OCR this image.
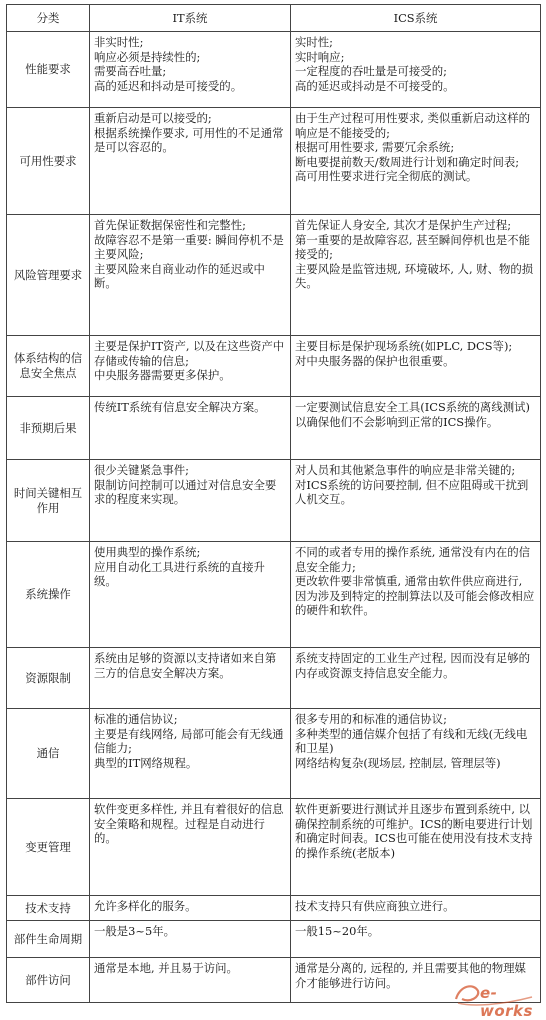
分类	IT系统	ICS系统
性能要求	非实时性;
响应必须是持续性的;
需要高吞吐量;
高的延迟和抖动是可接受的。	实时性;
实时响应;
一定程度的吞吐量是可接受的;
高的延迟或抖动是不可接受的。

可用性要求	重新启动是可以接受的;
根据系统操作要求, 可用性的不足通常是可以容忍的。	由于生产过程可用性要求, 类似重新启动这样的响应是不能接受的;
根据可用性要求, 需要冗余系统;
断电要提前数天/数周进行计划和确定时间表;
高可用性要求进行完全彻底的测试。

风险管理要求	首先保证数据保密性和完整性;
故障容忍不是第一重要: 瞬间停机不是主要风险;
主要风险来自商业动作的延迟或中断。	首先保证人身安全, 其次才是保护生产过程;
第一重要的是故障容忍, 甚至瞬间停机也是不能接受的;
主要风险是监管违规, 环境破坏, 人, 财、物的损失。

体系结构的信息安全焦点	主要是保护IT资产, 以及在这些资产中存储或传输的信息;
中央服务器需要更多保护。	主要目标是保护现场系统(如PLC, DCS等);
对中央服务器的保护也很重要。

非预期后果	传统IT系统有信息安全解决方案。	一定要测试信息安全工具(ICS系统的离线测试)以确保他们不会影响到正常的ICS操作。

时间关键相互作用	很少关键紧急事件;
限制访问控制可以通过对信息安全要求的程度来实现。	对人员和其他紧急事件的响应是非常关键的;
对ICS系统的访问要控制, 但不应阻碍或干扰到人机交互。

系统操作	使用典型的操作系统;
应用自动化工具进行系统的直接升级。	不同的或者专用的操作系统, 通常没有内在的信息安全能力;
更改软件要非常慎重, 通常由软件供应商进行, 因为涉及到特定的控制算法以及可能会修改相应的硬件和软件。

资源限制	系统由足够的资源以支持诸如来自第三方的信息安全解决方案。	系统支持固定的工业生产过程, 因而没有足够的内存或资源支持信息安全能力。

通信	标准的通信协议;
主要是有线网络, 局部可能会有无线通信能力;
典型的IT网络规程。	很多专用的和标准的通信协议;
多种类型的通信媒介包括了有线和无线(无线电和卫星)
网络结构复杂(现场层, 控制层, 管理层等)

变更管理	软件变更多样性, 并且有着很好的信息安全策略和规程。过程是自动进行的。	软件更新要进行测试并且逐步布置到系统中, 以确保控制系统的可维护。ICS的断电要进行计划和确定时间表。ICS也可能在使用没有技术支持的操作系统(老版本)

技术支持	允许多样化的服务。	技术支持只有供应商独立进行。

部件生命周期	一般是3~5年。	一般15~20年。

部件访问	通常是本地, 并且易于访问。	通常是分离的, 远程的, 并且需要其他的物理媒介才能够进行访问。
e-works
